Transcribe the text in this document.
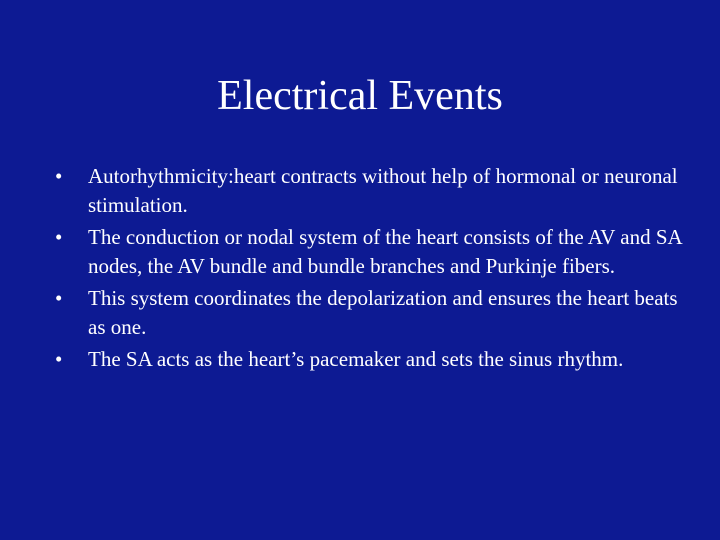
Electrical Events
• Autorhythmicity:heart contracts without help of hormonal or neuronal stimulation.
• The conduction or nodal system of the heart consists of the AV and SA nodes, the AV bundle and bundle branches and Purkinje fibers.
• This system coordinates the depolarization and ensures the heart beats as one.
• The SA acts as the heart’s pacemaker and sets the sinus rhythm.
